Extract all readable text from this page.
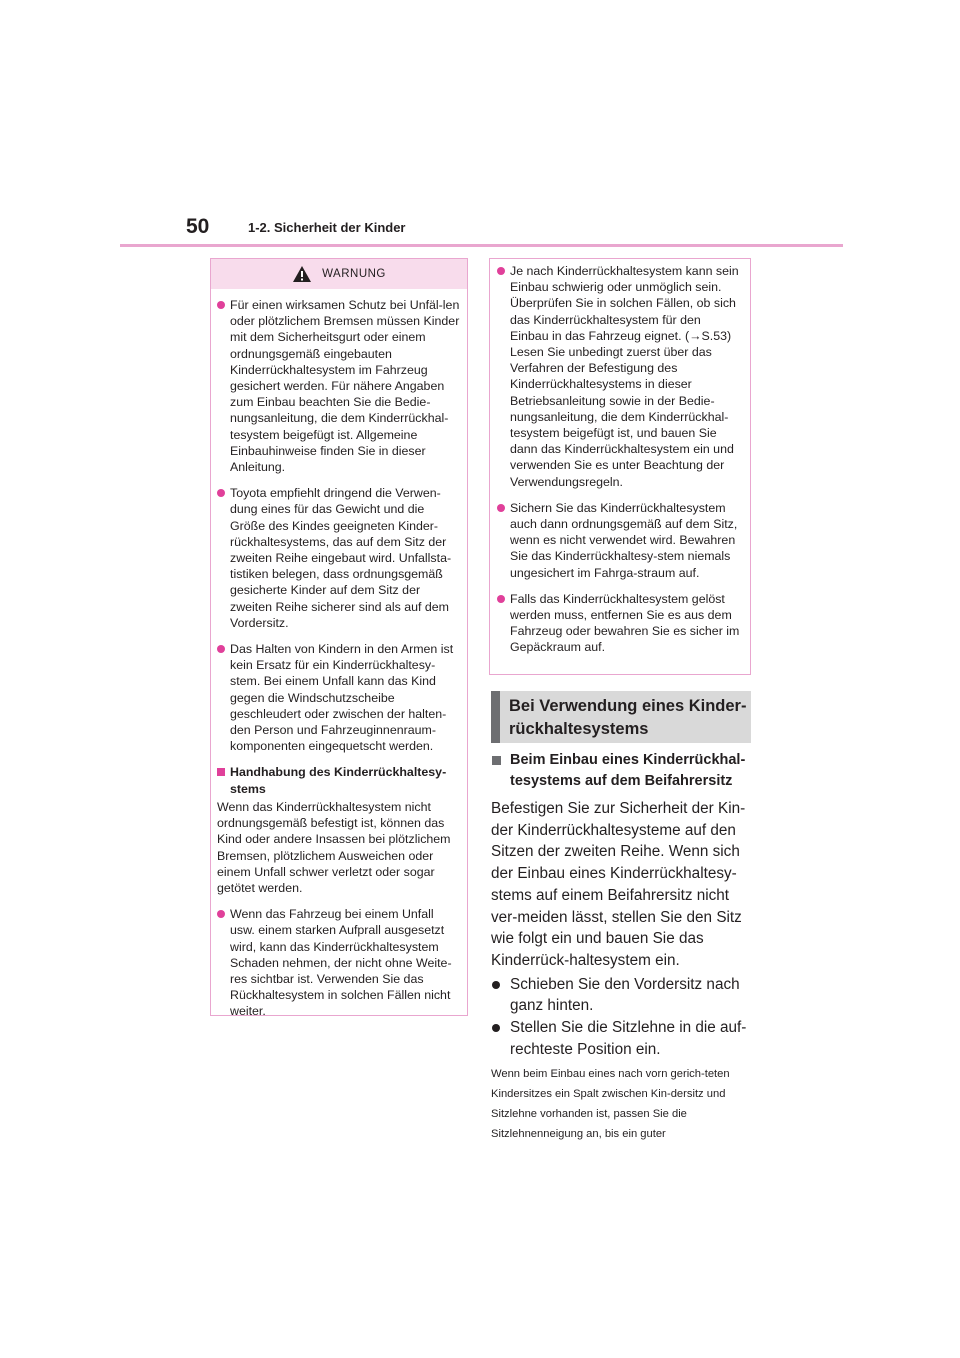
50	1-2. Sicherheit der Kinder
WARNUNG
Für einen wirksamen Schutz bei Unfäl-len oder plötzlichem Bremsen müssen Kinder mit dem Sicherheitsgurt oder einem ordnungsgemäß eingebauten Kinderrückhaltesystem im Fahrzeug gesichert werden. Für nähere Angaben zum Einbau beachten Sie die Bedie-nungsanleitung, die dem Kinderrückhal-tesystem beigefügt ist. Allgemeine Einbauhinweise finden Sie in dieser Anleitung.
Toyota empfiehlt dringend die Verwen-dung eines für das Gewicht und die Größe des Kindes geeigneten Kinder-rückhaltesystems, das auf dem Sitz der zweiten Reihe eingebaut wird. Unfallsta-tistiken belegen, dass ordnungsgemäß gesicherte Kinder auf dem Sitz der zweiten Reihe sicherer sind als auf dem Vordersitz.
Das Halten von Kindern in den Armen ist kein Ersatz für ein Kinderrückhaltesy-stem. Bei einem Unfall kann das Kind gegen die Windschutzscheibe geschleudert oder zwischen der halten-den Person und Fahrzeuginnenraum-komponenten eingequetscht werden.
Handhabung des Kinderrückhaltesy-stems
Wenn das Kinderrückhaltesystem nicht ordnungsgemäß befestigt ist, können das Kind oder andere Insassen bei plötzlichem Bremsen, plötzlichem Ausweichen oder einem Unfall schwer verletzt oder sogar getötet werden.
Wenn das Fahrzeug bei einem Unfall usw. einem starken Aufprall ausgesetzt wird, kann das Kinderrückhaltesystem Schaden nehmen, der nicht ohne Weite-res sichtbar ist. Verwenden Sie das Rückhaltesystem in solchen Fällen nicht weiter.
Je nach Kinderrückhaltesystem kann sein Einbau schwierig oder unmöglich sein. Überprüfen Sie in solchen Fällen, ob sich das Kinderrückhaltesystem für den Einbau in das Fahrzeug eignet. (→S.53) Lesen Sie unbedingt zuerst über das Verfahren der Befestigung des Kinderrückhaltesystems in dieser Betriebsanleitung sowie in der Bedie-nungsanleitung, die dem Kinderrückhal-tesystem beigefügt ist, und bauen Sie dann das Kinderrückhaltesystem ein und verwenden Sie es unter Beachtung der Verwendungsregeln.
Sichern Sie das Kinderrückhaltesystem auch dann ordnungsgemäß auf dem Sitz, wenn es nicht verwendet wird. Bewahren Sie das Kinderrückhaltesy-stem niemals ungesichert im Fahrga-straum auf.
Falls das Kinderrückhaltesystem gelöst werden muss, entfernen Sie es aus dem Fahrzeug oder bewahren Sie es sicher im Gepäckraum auf.
Bei Verwendung eines Kinder-rückhaltesystems
Beim Einbau eines Kinderrückhal-tesystems auf dem Beifahrersitz
Befestigen Sie zur Sicherheit der Kin-der Kinderrückhaltesysteme auf den Sitzen der zweiten Reihe. Wenn sich der Einbau eines Kinderrückhaltesy-stems auf einem Beifahrersitz nicht ver-meiden lässt, stellen Sie den Sitz wie folgt ein und bauen Sie das Kinderrück-haltesystem ein.
Schieben Sie den Vordersitz nach ganz hinten.
Stellen Sie die Sitzlehne in die auf-rechteste Position ein.
Wenn beim Einbau eines nach vorn gerich-teten Kindersitzes ein Spalt zwischen Kin-dersitz und Sitzlehne vorhanden ist, passen Sie die Sitzlehnenneigung an, bis ein guter
